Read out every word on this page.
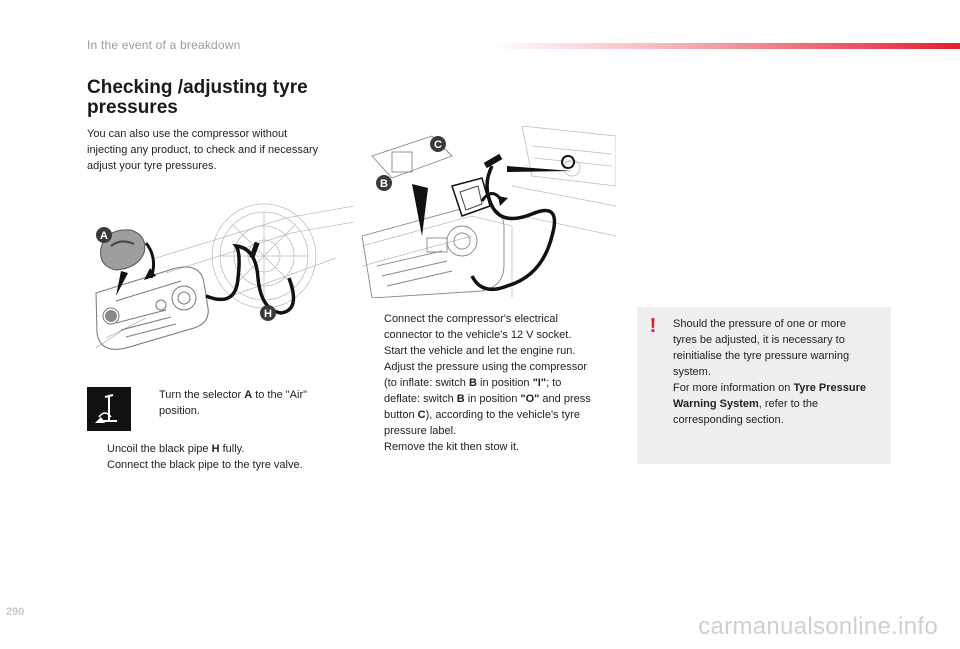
In the event of a breakdown
Checking /adjusting tyre
pressures
You can also use the compressor without
injecting any product, to check and if necessary
adjust your tyre pressures.
A
H
B
C
Turn the selector A to the "Air"
position.
Uncoil the black pipe H fully.
Connect the black pipe to the tyre valve.
Connect the compressor's electrical
connector to the vehicle's 12 V socket.
Start the vehicle and let the engine run.
Adjust the pressure using the compressor
(to inflate: switch B in position "I"; to
deflate: switch B in position "O" and press
button C), according to the vehicle's tyre
pressure label.
Remove the kit then stow it.
! Should the pressure of one or more
tyres be adjusted, it is necessary to
reinitialise the tyre pressure warning
system.
For more information on Tyre Pressure
Warning System, refer to the
corresponding section.
290
carmanualsonline.info
